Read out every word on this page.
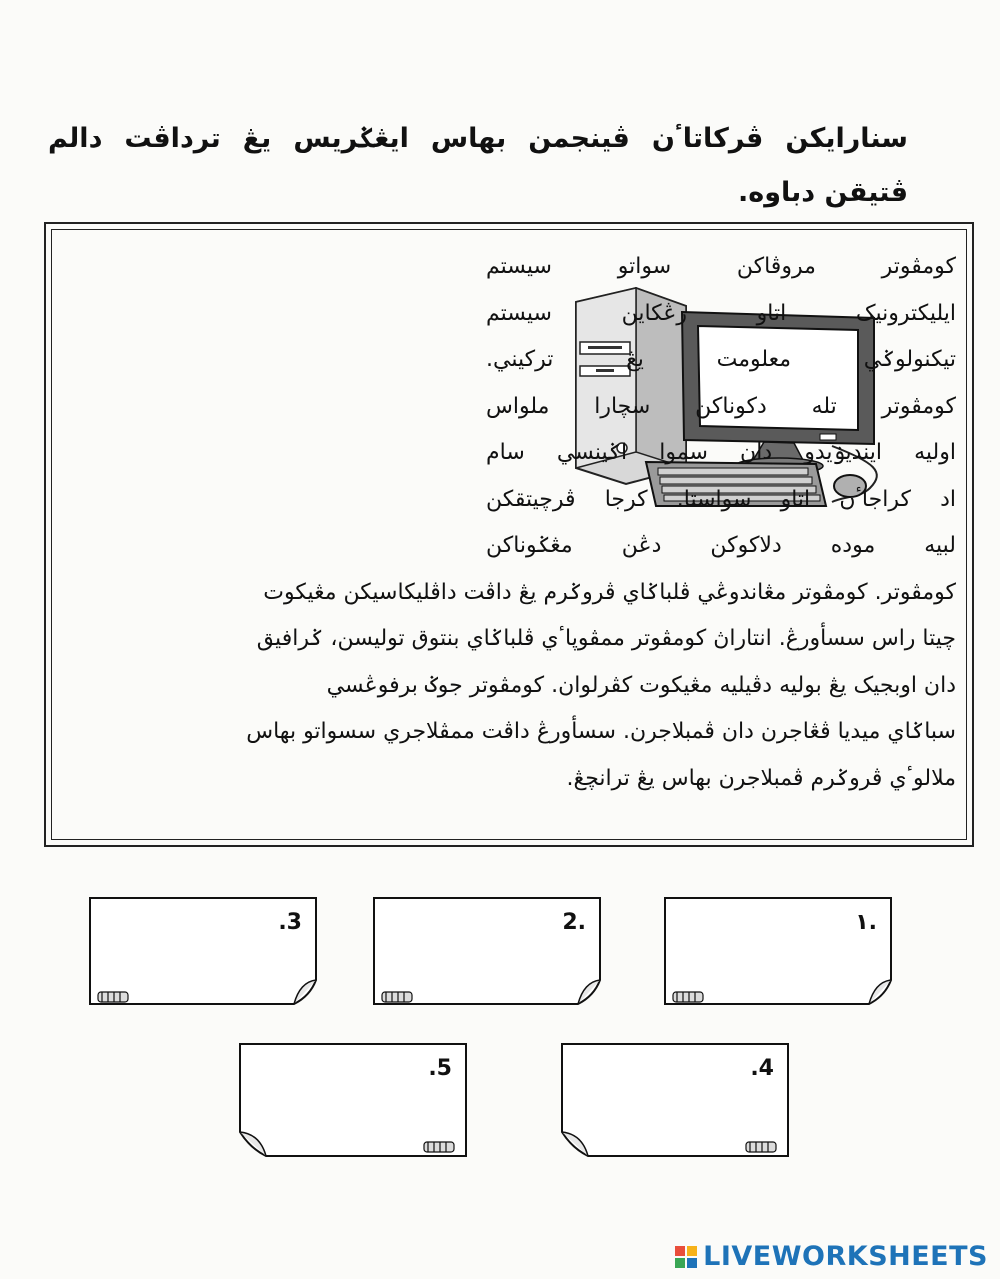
سنارايكن ڤركاتاٴن ڤينجمن بهاس ايڠݢريس يڠ ترداڤت دالم ڤتيقن دباوه.
كومڤوتر مروڤاكن سواتو سيستم
ايليكترونيک اتاو رڠكاين سيستم
تيكنولوݢي معلومت يڠ تركيني.
كومڤوتر تله دکوناكن سچارا ملواس
اوليه اينديۏيدو دان سموا اݢينسي سام
اد كراجاٴن اتاو سواستا. كرجا ڤرچيتقكن
لبيه موده دلاكوكن دڠن مڠݢوناكن
كومڤوتر. كومڤوتر مڠاندوڠي ڤلباݢاي ڤروݢرم يڠ داڤت داڤليكاسيكن مڠيكوت
چيتا راس سسأورڠ. انتاراڽ كومڤوتر ممڤوڽاٴي ڤلباݢاي بنتوق توليسن، ݢرافيق
دان اوبجيک يڠ بوليه دڤيليه مڠيكوت كڤرلوان. كومڤوتر جوݢ برفوڠسي
سباݢاي ميديا ڤڠاجرن دان ڤمبلاجرن. سسأورڠ داڤت ممڤلاجري سسواتو بهاس
ملالوٴي ڤروݢرم ڤمبلاجرن بهاس يڠ ترانچڠ.
١.
2.
.3
.4
.5
LIVEWORKSHEETS
